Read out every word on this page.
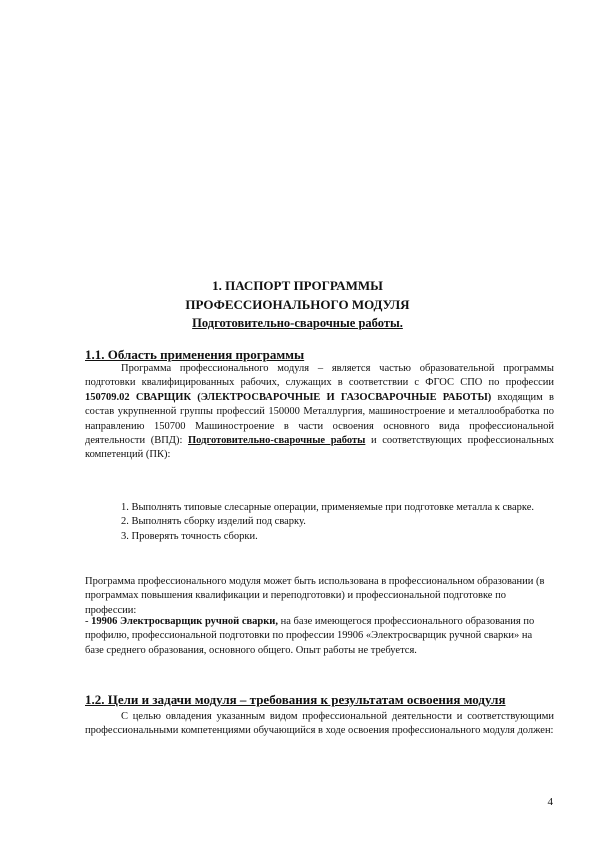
1. ПАСПОРТ ПРОГРАММЫ
ПРОФЕССИОНАЛЬНОГО МОДУЛЯ
Подготовительно-сварочные работы.
1.1. Область применения программы
Программа профессионального модуля – является частью образовательной программы подготовки квалифицированных рабочих, служащих в соответствии с ФГОС СПО по профессии 150709.02 СВАРЩИК (ЭЛЕКТРОСВАРОЧНЫЕ И ГАЗОСВАРОЧНЫЕ РАБОТЫ) входящим в состав укрупненной группы профессий 150000 Металлургия, машиностроение и металлообработка по направлению 150700 Машиностроение в части освоения основного вида профессиональной деятельности (ВПД): Подготовительно-сварочные работы и соответствующих профессиональных компетенций (ПК):
1. Выполнять типовые слесарные операции, применяемые при подготовке металла к сварке.
2. Выполнять сборку изделий под сварку.
3. Проверять точность сборки.
Программа профессионального модуля может быть использована в профессиональном образовании (в программах повышения квалификации и переподготовки) и профессиональной подготовке по профессии:
- 19906 Электросварщик ручной сварки, на базе имеющегося профессионального образования по профилю, профессиональной подготовки по профессии 19906 «Электросварщик ручной сварки» на базе среднего образования, основного общего. Опыт работы не требуется.
1.2. Цели и задачи модуля – требования к результатам освоения модуля
С целью овладения указанным видом профессиональной деятельности и соответствующими профессиональными компетенциями обучающийся в ходе освоения профессионального модуля должен:
4
